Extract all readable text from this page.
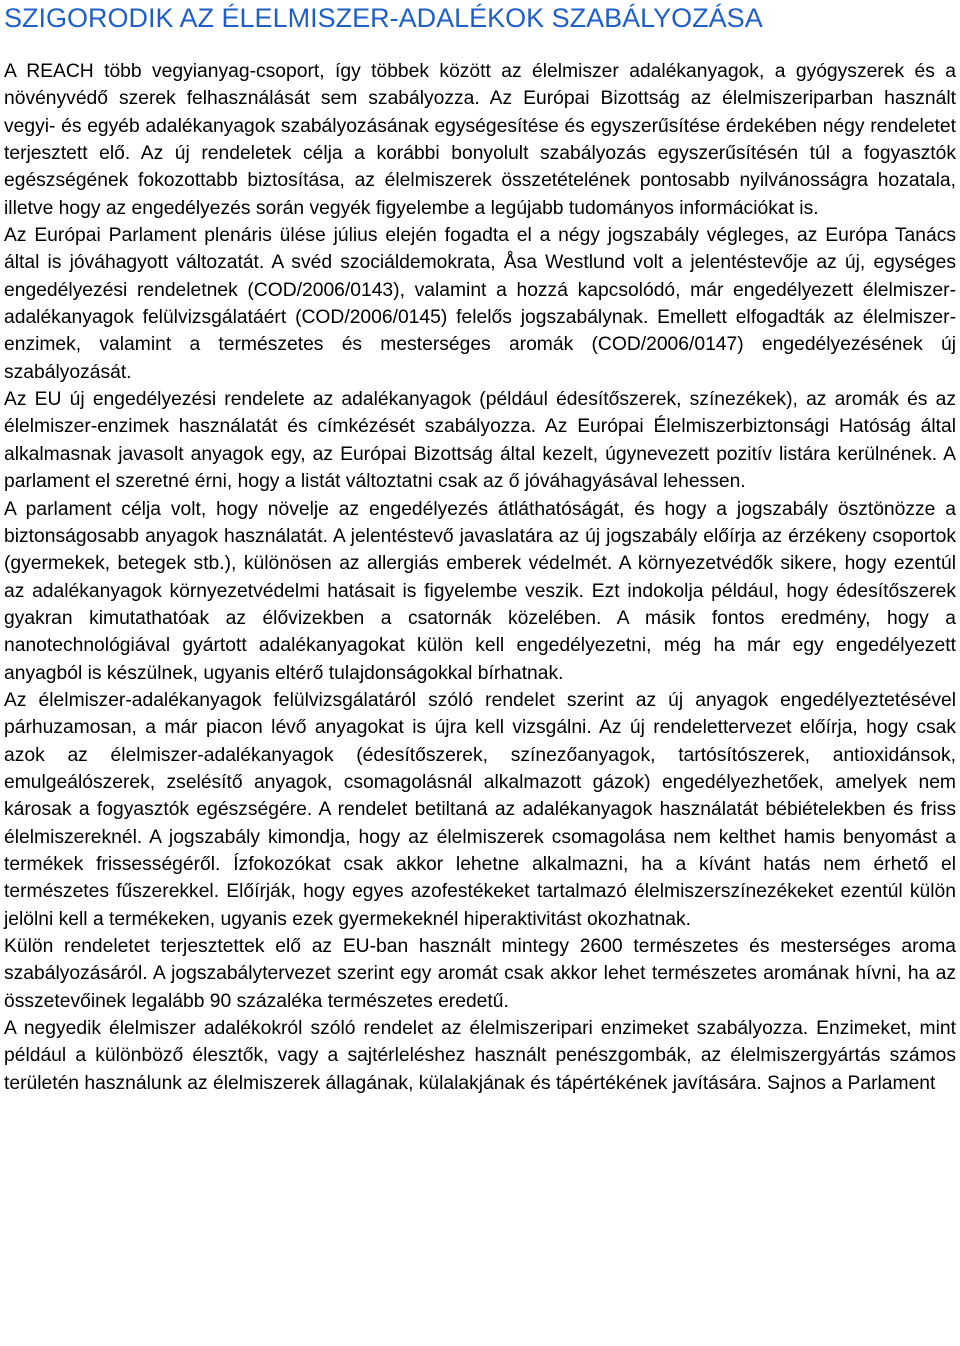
SZIGORODIK AZ ÉLELMISZER-ADALÉKOK SZABÁLYOZÁSA

A REACH több vegyianyag-csoport, így többek között az élelmiszer adalékanyagok, a gyógyszerek és a növényvédő szerek felhasználását sem szabályozza. Az Európai Bizottság az élelmiszeriparban használt vegyi- és egyéb adalékanyagok szabályozásának egységesítése és egyszerűsítése érdekében négy rendeletet terjesztett elő. Az új rendeletek célja a korábbi bonyolult szabályozás egyszerűsítésén túl a fogyasztók egészségének fokozottabb biztosítása, az élelmiszerek összetételének pontosabb nyilvánosságra hozatala, illetve hogy az engedélyezés során vegyék figyelembe a legújabb tudományos információkat is.

Az Európai Parlament plenáris ülése július elején fogadta el a négy jogszabály végleges, az Európa Tanács által is jóváhagyott változatát. A svéd szociáldemokrata, Åsa Westlund volt a jelentéstevője az új, egységes engedélyezési rendeletnek (COD/2006/0143), valamint a hozzá kapcsolódó, már engedélyezett élelmiszer-adalékanyagok felülvizsgálatáért (COD/2006/0145) felelős jogszabálynak. Emellett elfogadták az élelmiszer-enzimek, valamint a természetes és mesterséges aromák (COD/2006/0147) engedélyezésének új szabályozását.

Az EU új engedélyezési rendelete az adalékanyagok (például édesítőszerek, színezékek), az aromák és az élelmiszer-enzimek használatát és címkézését szabályozza. Az Európai Élelmiszerbiztonsági Hatóság által alkalmasnak javasolt anyagok egy, az Európai Bizottság által kezelt, úgynevezett pozitív listára kerülnének. A parlament el szeretné érni, hogy a listát változtatni csak az ő jóváhagyásával lehessen.

A parlament célja volt, hogy növelje az engedélyezés átláthatóságát, és hogy a jogszabály ösztönözze a biztonságosabb anyagok használatát. A jelentéstevő javaslatára az új jogszabály előírja az érzékeny csoportok (gyermekek, betegek stb.), különösen az allergiás emberek védelmét. A környezetvédők sikere, hogy ezentúl az adalékanyagok környezetvédelmi hatásait is figyelembe veszik. Ezt indokolja például, hogy édesítőszerek gyakran kimutathatóak az élővizekben a csatornák közelében. A másik fontos eredmény, hogy a nanotechnológiával gyártott adalékanyagokat külön kell engedélyezetni, még ha már egy engedélyezett anyagból is készülnek, ugyanis eltérő tulajdonságokkal bírhatnak.

Az élelmiszer-adalékanyagok felülvizsgálatáról szóló rendelet szerint az új anyagok engedélyeztetésével párhuzamosan, a már piacon lévő anyagokat is újra kell vizsgálni. Az új rendelettervezet előírja, hogy csak azok az élelmiszer-adalékanyagok (édesítőszerek, színezőanyagok, tartósítószerek, antioxidánsok, emulgeálószerek, zselésítő anyagok, csomagolásnál alkalmazott gázok) engedélyezhetőek, amelyek nem károsak a fogyasztók egészségére. A rendelet betiltaná az adalékanyagok használatát bébiételekben és friss élelmiszereknél. A jogszabály kimondja, hogy az élelmiszerek csomagolása nem kelthet hamis benyomást a termékek frissességéről. Ízfokozókat csak akkor lehetne alkalmazni, ha a kívánt hatás nem érhető el természetes fűszerekkel. Előírják, hogy egyes azofestékeket tartalmazó élelmiszerszínezékeket ezentúl külön jelölni kell a termékeken, ugyanis ezek gyermekeknél hiperaktivitást okozhatnak.

Külön rendeletet terjesztettek elő az EU-ban használt mintegy 2600 természetes és mesterséges aroma szabályozásáról. A jogszabálytervezet szerint egy aromát csak akkor lehet természetes aromának hívni, ha az összetevőinek legalább 90 százaléka természetes eredetű.

A negyedik élelmiszer adalékokról szóló rendelet az élelmiszeripari enzimeket szabályozza. Enzimeket, mint például a különböző élesztők, vagy a sajtérleléshez használt penészgombák, az élelmiszergyártás számos területén használunk az élelmiszerek állagának, külalakjának és tápértékének javítására. Sajnos a Parlament
